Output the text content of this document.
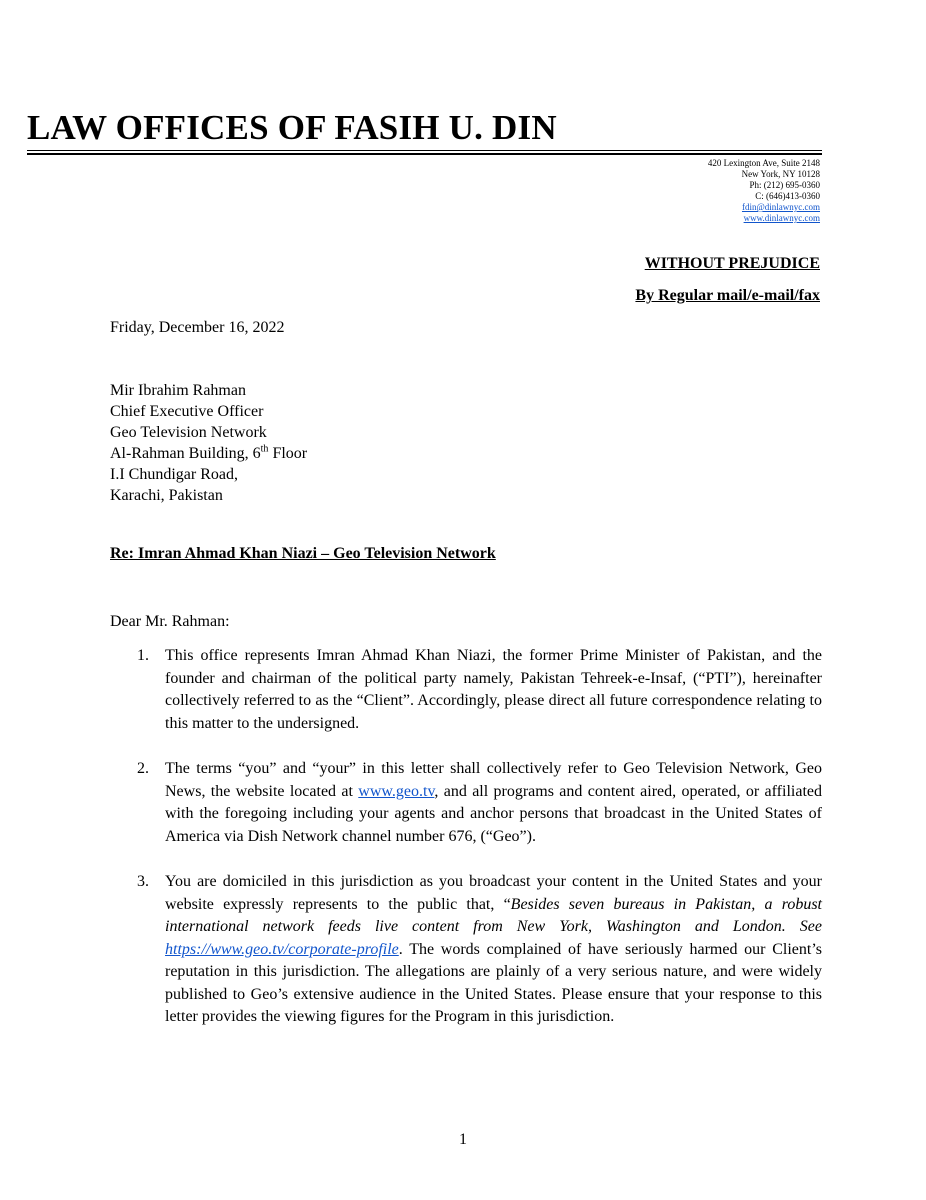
LAW OFFICES OF FASIH U. DIN
420 Lexington Ave, Suite 2148
New York, NY 10128
Ph: (212) 695-0360
C: (646)413-0360
fdin@dinlawnyc.com
www.dinlawnyc.com
WITHOUT PREJUDICE
By Regular mail/e-mail/fax
Friday, December 16, 2022
Mir Ibrahim Rahman
Chief Executive Officer
Geo Television Network
Al-Rahman Building, 6th Floor
I.I Chundigar Road,
Karachi, Pakistan
Re: Imran Ahmad Khan Niazi – Geo Television Network
Dear Mr. Rahman:
1.	This office represents Imran Ahmad Khan Niazi, the former Prime Minister of Pakistan, and the founder and chairman of the political party namely, Pakistan Tehreek-e-Insaf, (“PTI”), hereinafter collectively referred to as the “Client”. Accordingly, please direct all future correspondence relating to this matter to the undersigned.
2.	The terms “you” and “your” in this letter shall collectively refer to Geo Television Network, Geo News, the website located at www.geo.tv, and all programs and content aired, operated, or affiliated with the foregoing including your agents and anchor persons that broadcast in the United States of America via Dish Network channel number 676, (“Geo”).
3.	You are domiciled in this jurisdiction as you broadcast your content in the United States and your website expressly represents to the public that, “Besides seven bureaus in Pakistan, a robust international network feeds live content from New York, Washington and London. See https://www.geo.tv/corporate-profile. The words complained of have seriously harmed our Client’s reputation in this jurisdiction. The allegations are plainly of a very serious nature, and were widely published to Geo’s extensive audience in the United States. Please ensure that your response to this letter provides the viewing figures for the Program in this jurisdiction.
1
